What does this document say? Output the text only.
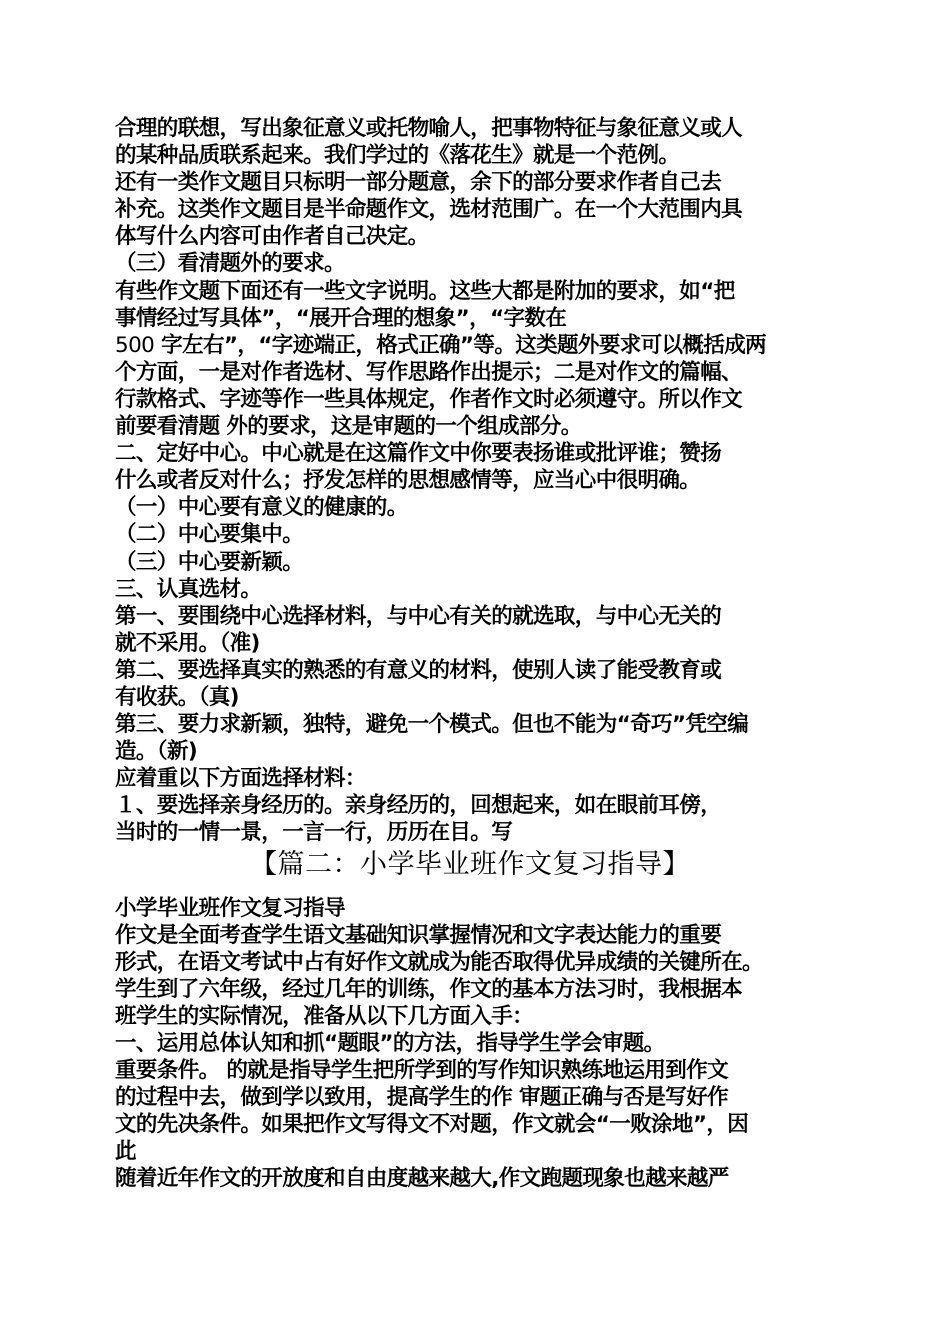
合理的联想，写出象征意义或托物喻人，把事物特征与象征意义或人
的某种品质联系起来。我们学过的《落花生》就是一个范例。
还有一类作文题目只标明一部分题意，余下的部分要求作者自己去
补充。这类作文题目是半命题作文，选材范围广。在一个大范围内具
体写什么内容可由作者自己决定。
（三）看清题外的要求。
有些作文题下面还有一些文字说明。这些大都是附加的要求，如“把
事情经过写具体”，“展开合理的想象”，“字数在
500 字左右”，“字迹端正，格式正确”等。这类题外要求可以概括成两
个方面，一是对作者选材、写作思路作出提示；二是对作文的篇幅、
行款格式、字迹等作一些具体规定，作者作文时必须遵守。所以作文
前要看清题 外的要求，这是审题的一个组成部分。
二、定好中心。中心就是在这篇作文中你要表扬谁或批评谁；赞扬
什么或者反对什么；抒发怎样的思想感情等，应当心中很明确。
（一）中心要有意义的健康的。
（二）中心要集中。
（三）中心要新颖。
三、认真选材。
第一、要围绕中心选择材料，与中心有关的就选取，与中心无关的
就不采用。（准)
第二、要选择真实的熟悉的有意义的材料，使别人读了能受教育或
有收获。（真)
第三、要力求新颖，独特，避免一个模式。但也不能为“奇巧”凭空编
造。（新)
应着重以下方面选择材料：
１、要选择亲身经历的。亲身经历的，回想起来，如在眼前耳傍，
当时的一情一景，一言一行，历历在目。写
【篇二：小学毕业班作文复习指导】
小学毕业班作文复习指导
作文是全面考查学生语文基础知识掌握情况和文字表达能力的重要
形式，在语文考试中占有好作文就成为能否取得优异成绩的关键所在。
学生到了六年级，经过几年的训练，作文的基本方法习时，我根据本
班学生的实际情况，准备从以下几方面入手：
一、运用总体认知和抓“题眼”的方法，指导学生学会审题。
重要条件。 的就是指导学生把所学到的写作知识熟练地运用到作文
的过程中去，做到学以致用，提高学生的作 审题正确与否是写好作
文的先决条件。如果把作文写得文不对题，作文就会“一败涂地”，因
此
随着近年作文的开放度和自由度越来越大,作文跑题现象也越来越严
